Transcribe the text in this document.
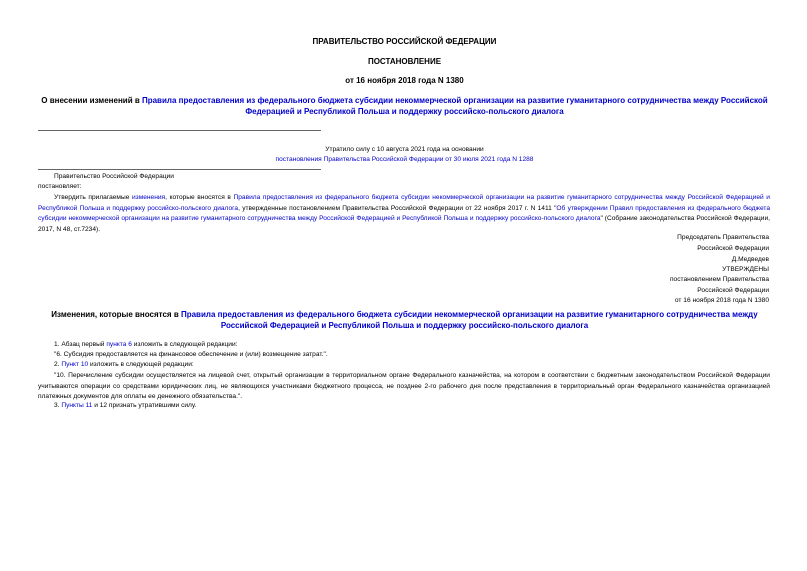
ПРАВИТЕЛЬСТВО РОССИЙСКОЙ ФЕДЕРАЦИИ
ПОСТАНОВЛЕНИЕ
от 16 ноября 2018 года N 1380
О внесении изменений в Правила предоставления из федерального бюджета субсидии некоммерческой организации на развитие гуманитарного сотрудничества между Российской Федерацией и Республикой Польша и поддержку российско-польского диалога
Утратило силу с 10 августа 2021 года на основании
постановления Правительства Российской Федерации от 30 июля 2021 года N 1288
Правительство Российской Федерации
постановляет:
Утвердить прилагаемые изменения, которые вносятся в Правила предоставления из федерального бюджета субсидии некоммерческой организации на развитие гуманитарного сотрудничества между Российской Федерацией и Республикой Польша и поддержку российско-польского диалога, утвержденные постановлением Правительства Российской Федерации от 22 ноября 2017 г. N 1411 "Об утверждении Правил предоставления из федерального бюджета субсидии некоммерческой организации на развитие гуманитарного сотрудничества между Российской Федерацией и Республикой Польша и поддержку российско-польского диалога" (Собрание законодательства Российской Федерации, 2017, N 48, ст.7234).
Председатель Правительства
Российской Федерации
Д.Медведев
УТВЕРЖДЕНЫ
постановлением Правительства
Российской Федерации
от 16 ноября 2018 года N 1380
Изменения, которые вносятся в Правила предоставления из федерального бюджета субсидии некоммерческой организации на развитие гуманитарного сотрудничества между Российской Федерацией и Республикой Польша и поддержку российско-польского диалога
1. Абзац первый пункта 6 изложить в следующей редакции:
"6. Субсидия предоставляется на финансовое обеспечение и (или) возмещение затрат.".
2. Пункт 10 изложить в следующей редакции:
"10. Перечисление субсидии осуществляется на лицевой счет, открытый организации в территориальном органе Федерального казначейства, на котором в соответствии с бюджетным законодательством Российской Федерации учитываются операции со средствами юридических лиц, не являющихся участниками бюджетного процесса, не позднее 2-го рабочего дня после представления в территориальный орган Федерального казначейства организацией платежных документов для оплаты ее денежного обязательства.".
3. Пункты 11 и 12 признать утратившими силу.
